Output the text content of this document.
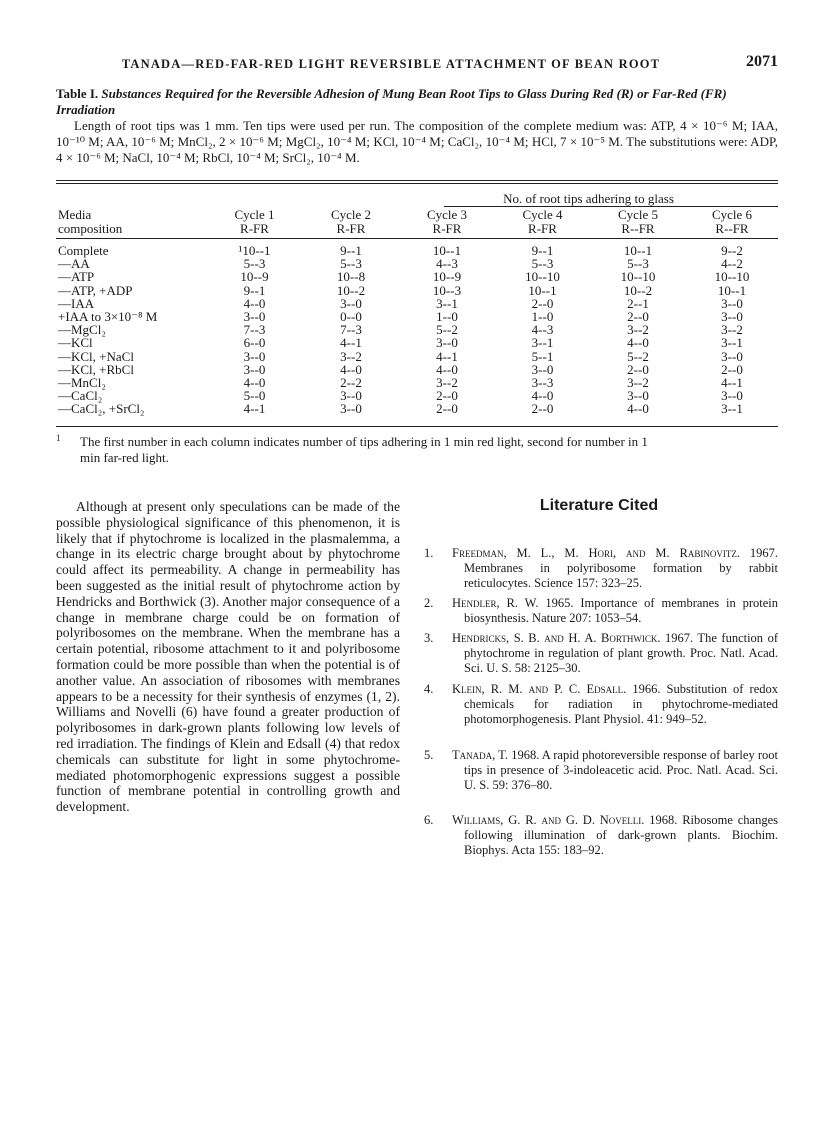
TANADA—RED-FAR-RED LIGHT REVERSIBLE ATTACHMENT OF BEAN ROOT	2071
Table I. Substances Required for the Reversible Adhesion of Mung Bean Root Tips to Glass During Red (R) or Far-Red (FR) Irradiation
Length of root tips was 1 mm. Ten tips were used per run. The composition of the complete medium was: ATP, 4 × 10⁻⁶ M; IAA, 10⁻¹⁰ M; AA, 10⁻⁶ M; MnCl₂, 2 × 10⁻⁶ M; MgCl₂, 10⁻⁴ M; KCl, 10⁻⁴ M; CaCl₂, 10⁻⁴ M; HCl, 7 × 10⁻⁵ M. The substitutions were: ADP, 4 × 10⁻⁶ M; NaCl, 10⁻⁴ M; RbCl, 10⁻⁴ M; SrCl₂, 10⁻⁴ M.
			No. of root tips adhering to glass			
Media	Cycle 1	Cycle 2	Cycle 3	Cycle 4	Cycle 5	Cycle 6
composition	R-FR	R-FR	R-FR	R-FR	R--FR	R--FR

Complete	¹10--1	9--1	10--1	9--1	10--1	9--2
—AA	5--3	5--3	4--3	5--3	5--3	4--2
—ATP	10--9	10--8	10--9	10--10	10--10	10--10
—ATP, +ADP	9--1	10--2	10--3	10--1	10--2	10--1
—IAA	4--0	3--0	3--1	2--0	2--1	3--0
+IAA to 3×10⁻⁸ M	3--0	0--0	1--0	1--0	2--0	3--0
—MgCl₂	7--3	7--3	5--2	4--3	3--2	3--2
—KCl	6--0	4--1	3--0	3--1	4--0	3--1
—KCl, +NaCl	3--0	3--2	4--1	5--1	5--2	3--0
—KCl, +RbCl	3--0	4--0	4--0	3--0	2--0	2--0
—MnCl₂	4--0	2--2	3--2	3--3	3--2	4--1
—CaCl₂	5--0	3--0	2--0	4--0	3--0	3--0
—CaCl₂, +SrCl₂	4--1	3--0	2--0	2--0	4--0	3--1
1 The first number in each column indicates number of tips adhering in 1 min red light, second for number in 1
min far-red light.
Although at present only speculations can be made of the possible physiological significance of this phenomenon, it is likely that if phytochrome is localized in the plasmalemma, a change in its electric charge brought about by phytochrome could affect its permeability. A change in permeability has been suggested as the initial result of phytochrome action by Hendricks and Borthwick (3). Another major consequence of a change in membrane charge could be on formation of polyribosomes on the membrane. When the membrane has a certain potential, ribosome attachment to it and polyribosome formation could be more possible than when the potential is of another value. An association of ribosomes with membranes appears to be a necessity for their synthesis of enzymes (1, 2). Williams and Novelli (6) have found a greater production of polyribosomes in dark-grown plants following low levels of red irradiation. The findings of Klein and Edsall (4) that redox chemicals can substitute for light in some phytochrome-mediated photomorphogenic expressions suggest a possible function of membrane potential in controlling growth and development.
Literature Cited
1. Freedman, M. L., M. Hori, and M. Rabinovitz. 1967. Membranes in polyribosome formation by rabbit reticulocytes. Science 157: 323–25.
2. Hendler, R. W. 1965. Importance of membranes in protein biosynthesis. Nature 207: 1053–54.
3. Hendricks, S. B. and H. A. Borthwick. 1967. The function of phytochrome in regulation of plant growth. Proc. Natl. Acad. Sci. U. S. 58: 2125–30.
4. Klein, R. M. and P. C. Edsall. 1966. Substitution of redox chemicals for radiation in phytochrome-mediated photomorphogenesis. Plant Physiol. 41: 949–52.
5. Tanada, T. 1968. A rapid photoreversible response of barley root tips in presence of 3-indoleacetic acid. Proc. Natl. Acad. Sci. U. S. 59: 376–80.
6. Williams, G. R. and G. D. Novelli. 1968. Ribosome changes following illumination of dark-grown plants. Biochim. Biophys. Acta 155: 183–92.
